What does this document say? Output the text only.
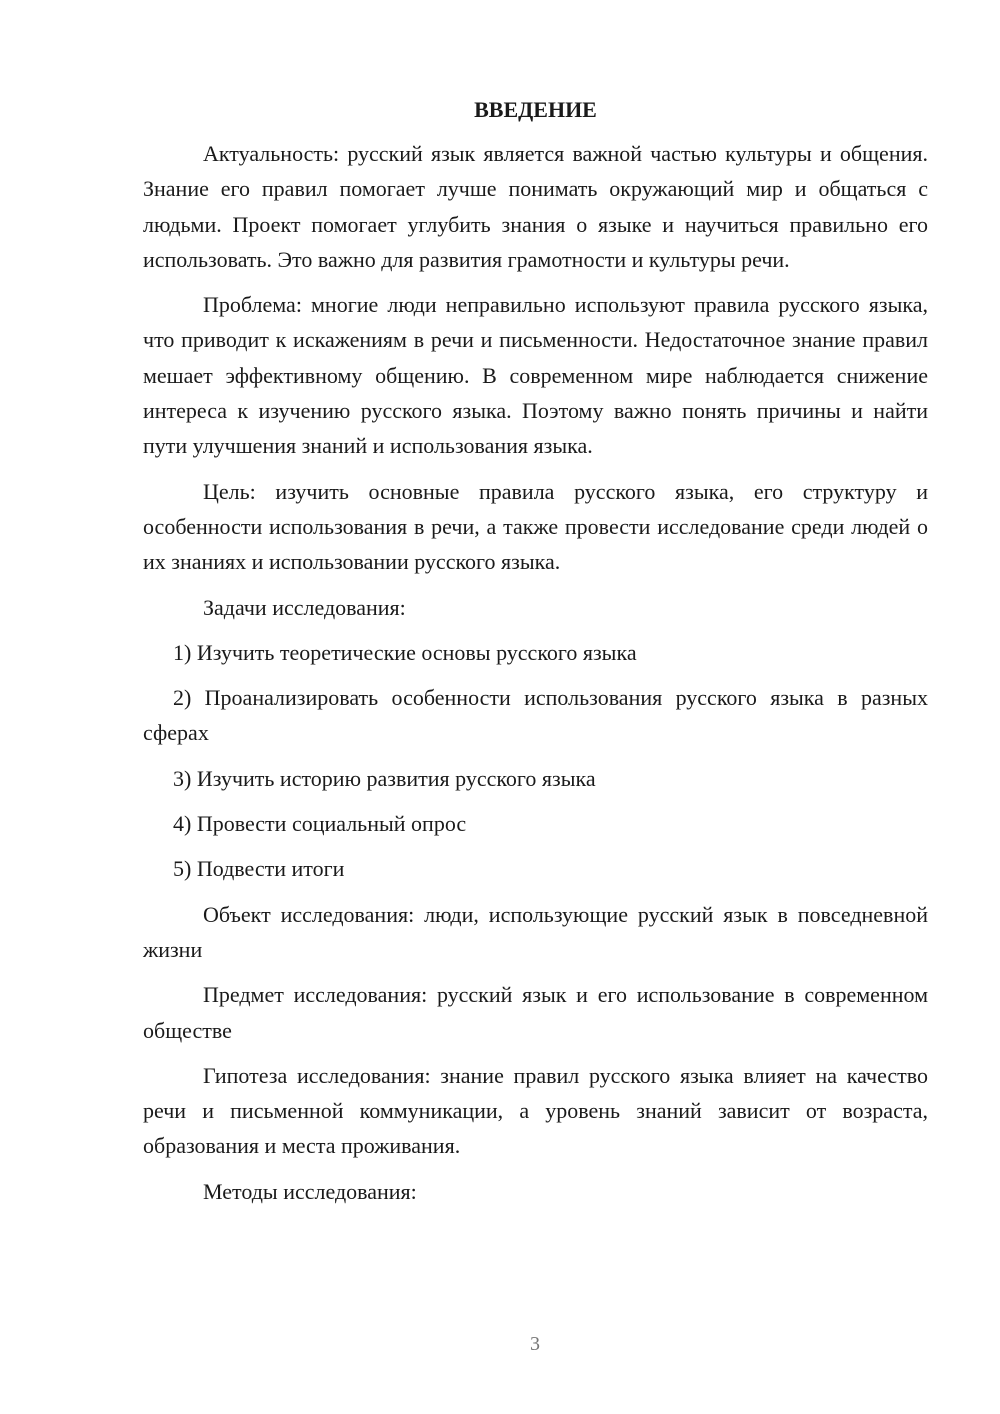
ВВЕДЕНИЕ

Актуальность: русский язык является важной частью культуры и общения. Знание его правил помогает лучше понимать окружающий мир и общаться с людьми. Проект помогает углубить знания о языке и научиться правильно его использовать. Это важно для развития грамотности и культуры речи.

Проблема: многие люди неправильно используют правила русского языка, что приводит к искажениям в речи и письменности. Недостаточное знание правил мешает эффективному общению. В современном мире наблюдается снижение интереса к изучению русского языка. Поэтому важно понять причины и найти пути улучшения знаний и использования языка.

Цель: изучить основные правила русского языка, его структуру и особенности использования в речи, а также провести исследование среди людей о их знаниях и использовании русского языка.

Задачи исследования:

1) Изучить теоретические основы русского языка

2) Проанализировать особенности использования русского языка в разных сферах

3) Изучить историю развития русского языка

4) Провести социальный опрос

5) Подвести итоги

Объект исследования: люди, использующие русский язык в повседневной жизни

Предмет исследования: русский язык и его использование в современном обществе

Гипотеза исследования: знание правил русского языка влияет на качество речи и письменной коммуникации, а уровень знаний зависит от возраста, образования и места проживания.

Методы исследования:

3
